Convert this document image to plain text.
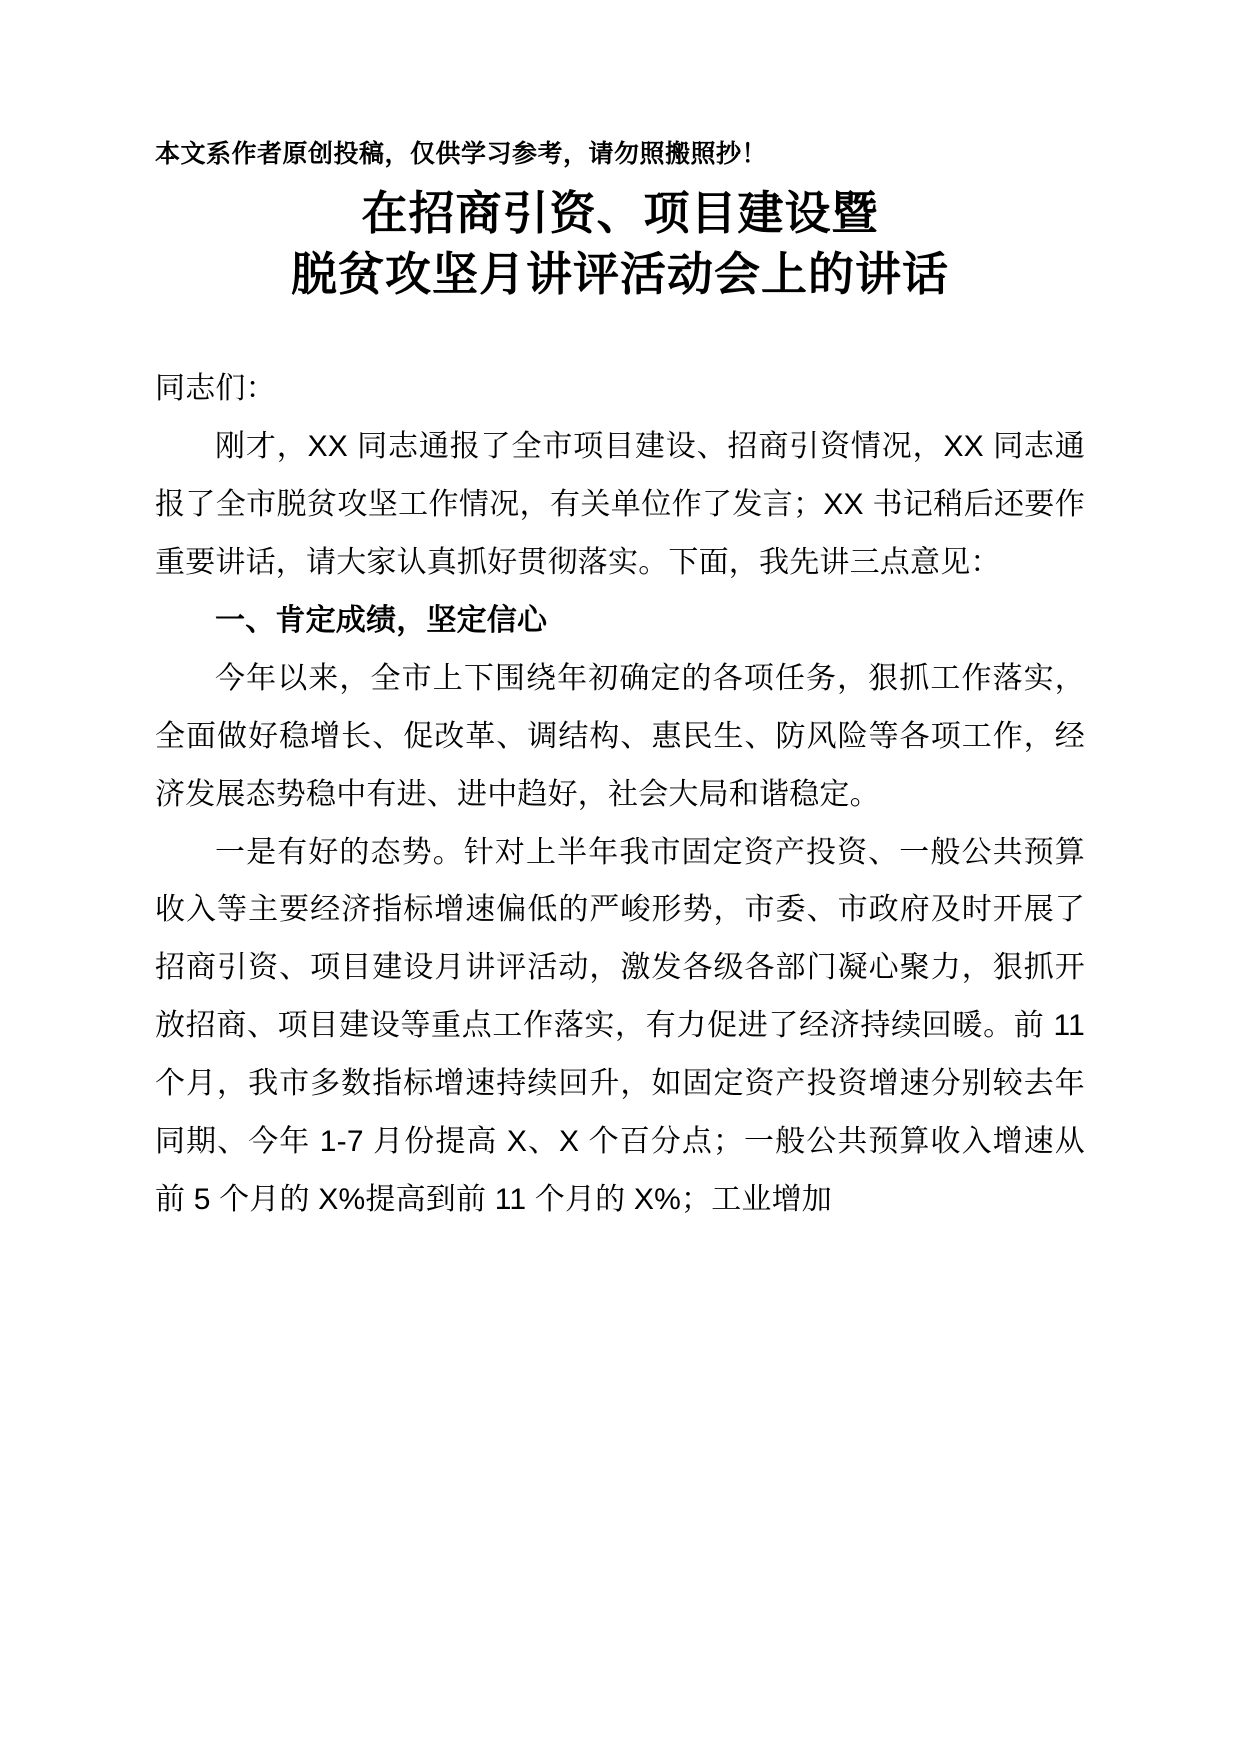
本文系作者原创投稿，仅供学习参考，请勿照搬照抄！
在招商引资、项目建设暨
脱贫攻坚月讲评活动会上的讲话

同志们：

刚才，XX 同志通报了全市项目建设、招商引资情况，XX 同志通报了全市脱贫攻坚工作情况，有关单位作了发言；XX 书记稍后还要作重要讲话，请大家认真抓好贯彻落实。下面，我先讲三点意见：

一、肯定成绩，坚定信心

今年以来，全市上下围绕年初确定的各项任务，狠抓工作落实，全面做好稳增长、促改革、调结构、惠民生、防风险等各项工作，经济发展态势稳中有进、进中趋好，社会大局和谐稳定。

一是有好的态势。针对上半年我市固定资产投资、一般公共预算收入等主要经济指标增速偏低的严峻形势，市委、市政府及时开展了招商引资、项目建设月讲评活动，激发各级各部门凝心聚力，狠抓开放招商、项目建设等重点工作落实，有力促进了经济持续回暖。前 11 个月，我市多数指标增速持续回升，如固定资产投资增速分别较去年同期、今年 1-7 月份提高 X、X 个百分点；一般公共预算收入增速从前 5 个月的 X%提高到前 11 个月的 X%；工业增加
